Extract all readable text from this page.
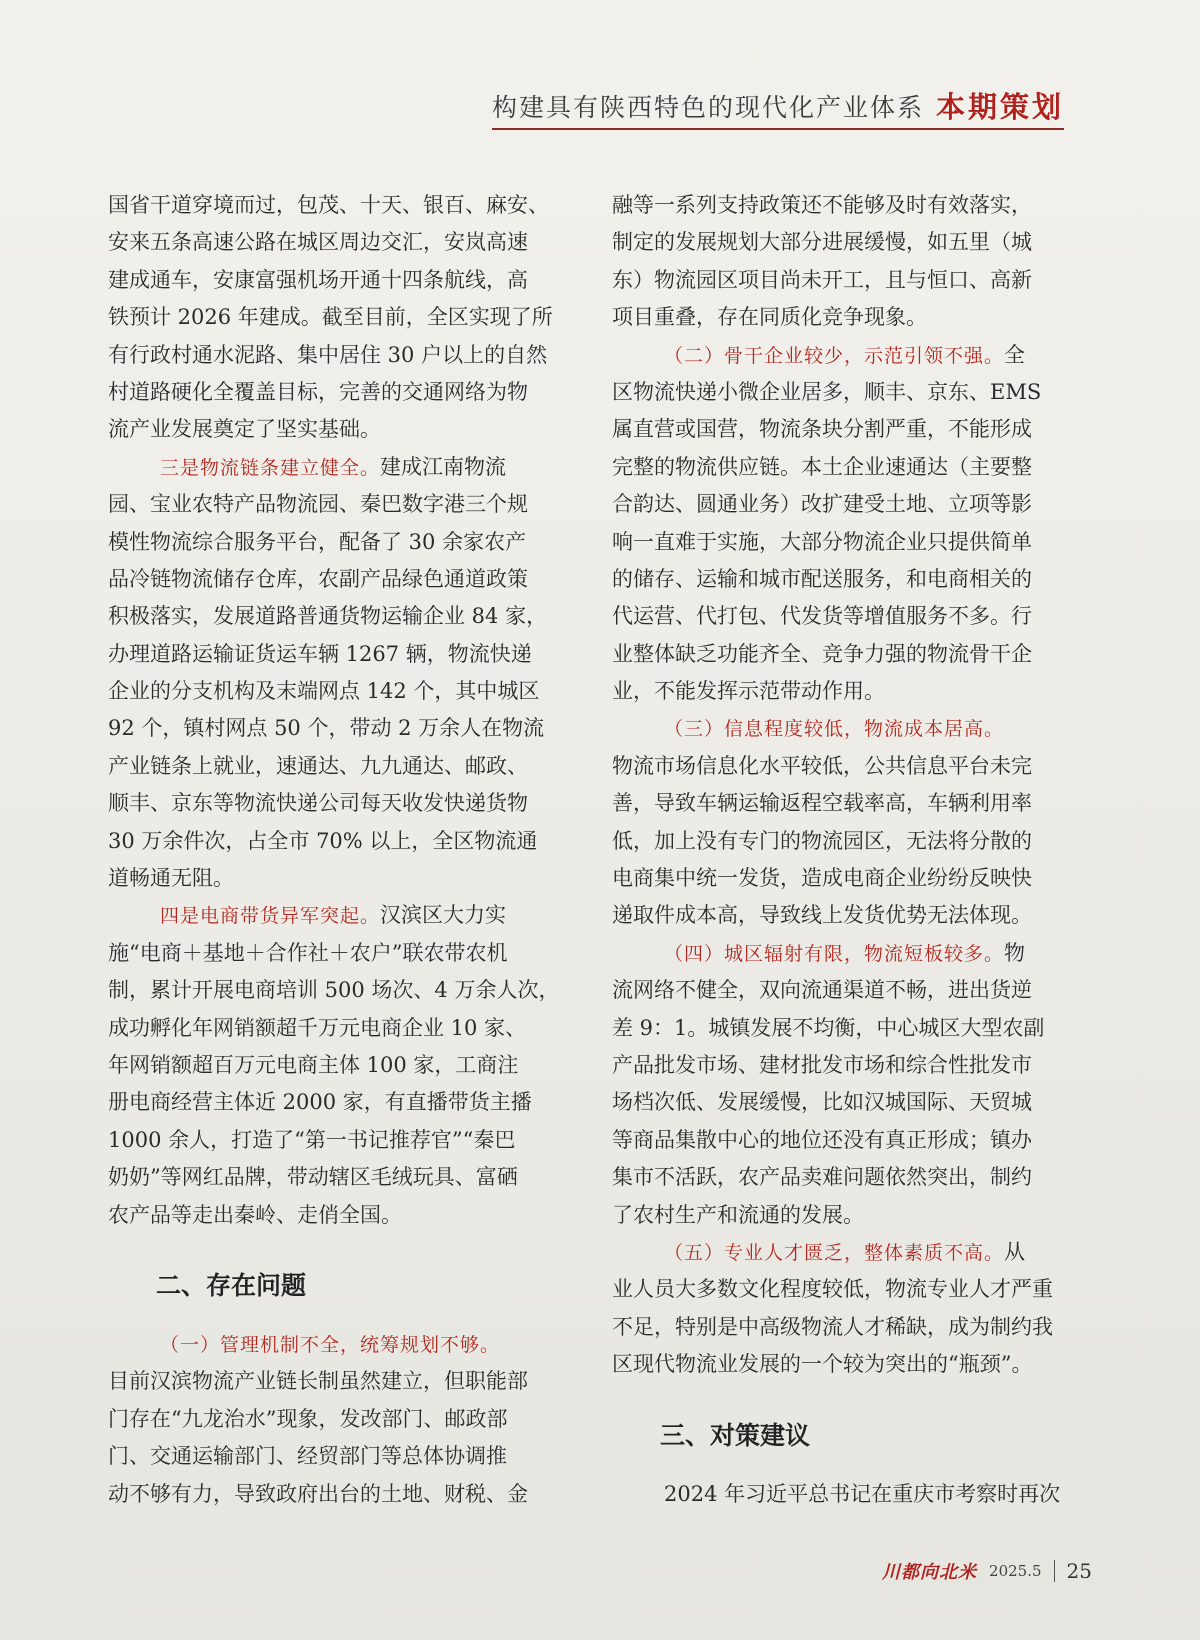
构建具有陕西特色的现代化产业体系 本期策划
国省干道穿境而过，包茂、十天、银百、麻安、
安来五条高速公路在城区周边交汇，安岚高速
建成通车，安康富强机场开通十四条航线，高
铁预计 2026 年建成。截至目前，全区实现了所
有行政村通水泥路、集中居住 30 户以上的自然
村道路硬化全覆盖目标，完善的交通网络为物
流产业发展奠定了坚实基础。
三是物流链条建立健全。建成江南物流
园、宝业农特产品物流园、秦巴数字港三个规
模性物流综合服务平台，配备了 30 余家农产
品冷链物流储存仓库，农副产品绿色通道政策
积极落实，发展道路普通货物运输企业 84 家，
办理道路运输证货运车辆 1267 辆，物流快递
企业的分支机构及末端网点 142 个，其中城区
92 个，镇村网点 50 个，带动 2 万余人在物流
产业链条上就业，速通达、九九通达、邮政、
顺丰、京东等物流快递公司每天收发快递货物
30 万余件次，占全市 70% 以上，全区物流通
道畅通无阻。
四是电商带货异军突起。汉滨区大力实
施“电商＋基地＋合作社＋农户”联农带农机
制，累计开展电商培训 500 场次、4 万余人次，
成功孵化年网销额超千万元电商企业 10 家、
年网销额超百万元电商主体 100 家，工商注
册电商经营主体近 2000 家，有直播带货主播
1000 余人，打造了“第一书记推荐官”“秦巴
奶奶”等网红品牌，带动辖区毛绒玩具、富硒
农产品等走出秦岭、走俏全国。
二、存在问题
（一）管理机制不全，统筹规划不够。
目前汉滨物流产业链长制虽然建立，但职能部
门存在“九龙治水”现象，发改部门、邮政部
门、交通运输部门、经贸部门等总体协调推
动不够有力，导致政府出台的土地、财税、金
融等一系列支持政策还不能够及时有效落实，
制定的发展规划大部分进展缓慢，如五里（城
东）物流园区项目尚未开工，且与恒口、高新
项目重叠，存在同质化竞争现象。
（二）骨干企业较少，示范引领不强。全
区物流快递小微企业居多，顺丰、京东、EMS
属直营或国营，物流条块分割严重，不能形成
完整的物流供应链。本土企业速通达（主要整
合韵达、圆通业务）改扩建受土地、立项等影
响一直难于实施，大部分物流企业只提供简单
的储存、运输和城市配送服务，和电商相关的
代运营、代打包、代发货等增值服务不多。行
业整体缺乏功能齐全、竞争力强的物流骨干企
业，不能发挥示范带动作用。
（三）信息程度较低，物流成本居高。
物流市场信息化水平较低，公共信息平台未完
善，导致车辆运输返程空载率高，车辆利用率
低，加上没有专门的物流园区，无法将分散的
电商集中统一发货，造成电商企业纷纷反映快
递取件成本高，导致线上发货优势无法体现。
（四）城区辐射有限，物流短板较多。物
流网络不健全，双向流通渠道不畅，进出货逆
差 9：1。城镇发展不均衡，中心城区大型农副
产品批发市场、建材批发市场和综合性批发市
场档次低、发展缓慢，比如汉城国际、天贸城
等商品集散中心的地位还没有真正形成；镇办
集市不活跃，农产品卖难问题依然突出，制约
了农村生产和流通的发展。
（五）专业人才匮乏，整体素质不高。从
业人员大多数文化程度较低，物流专业人才严重
不足，特别是中高级物流人才稀缺，成为制约我
区现代物流业发展的一个较为突出的“瓶颈”。
三、对策建议
2024 年习近平总书记在重庆市考察时再次
川都向北米 2025.5 25
